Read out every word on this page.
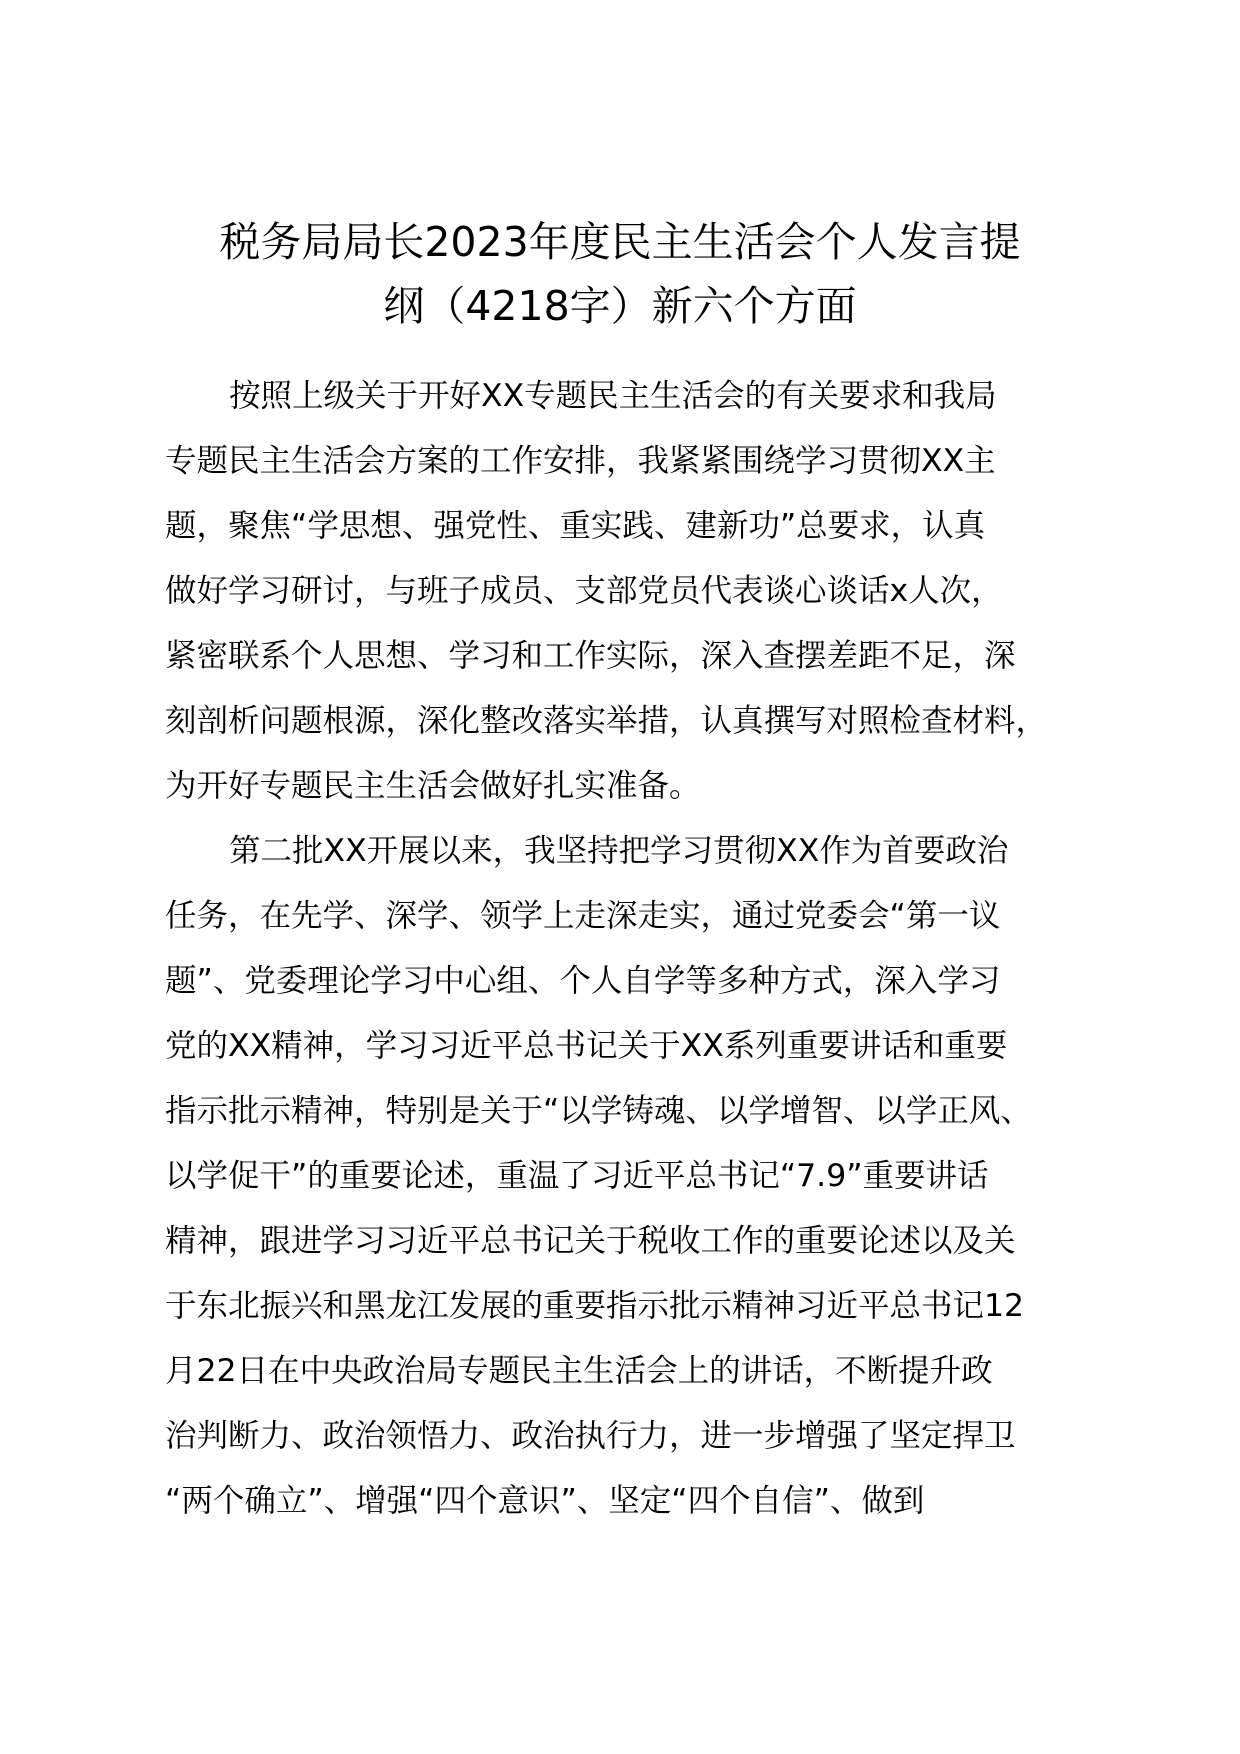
税务局局长2023年度民主生活会个人发言提
纲（4218字）新六个方面
按照上级关于开好XX专题民主生活会的有关要求和我局
专题民主生活会方案的工作安排，我紧紧围绕学习贯彻XX主
题，聚焦“学思想、强党性、重实践、建新功”总要求，认真
做好学习研讨，与班子成员、支部党员代表谈心谈话x人次，
紧密联系个人思想、学习和工作实际，深入查摆差距不足，深
刻剖析问题根源，深化整改落实举措，认真撰写对照检查材料，
为开好专题民主生活会做好扎实准备。
第二批XX开展以来，我坚持把学习贯彻XX作为首要政治
任务，在先学、深学、领学上走深走实，通过党委会“第一议
题”、党委理论学习中心组、个人自学等多种方式，深入学习
党的XX精神，学习习近平总书记关于XX系列重要讲话和重要
指示批示精神，特别是关于“以学铸魂、以学增智、以学正风、
以学促干”的重要论述，重温了习近平总书记“7.9”重要讲话
精神，跟进学习习近平总书记关于税收工作的重要论述以及关
于东北振兴和黑龙江发展的重要指示批示精神习近平总书记12
月22日在中央政治局专题民主生活会上的讲话，不断提升政
治判断力、政治领悟力、政治执行力，进一步增强了坚定捍卫
“两个确立”、增强“四个意识”、坚定“四个自信”、做到
